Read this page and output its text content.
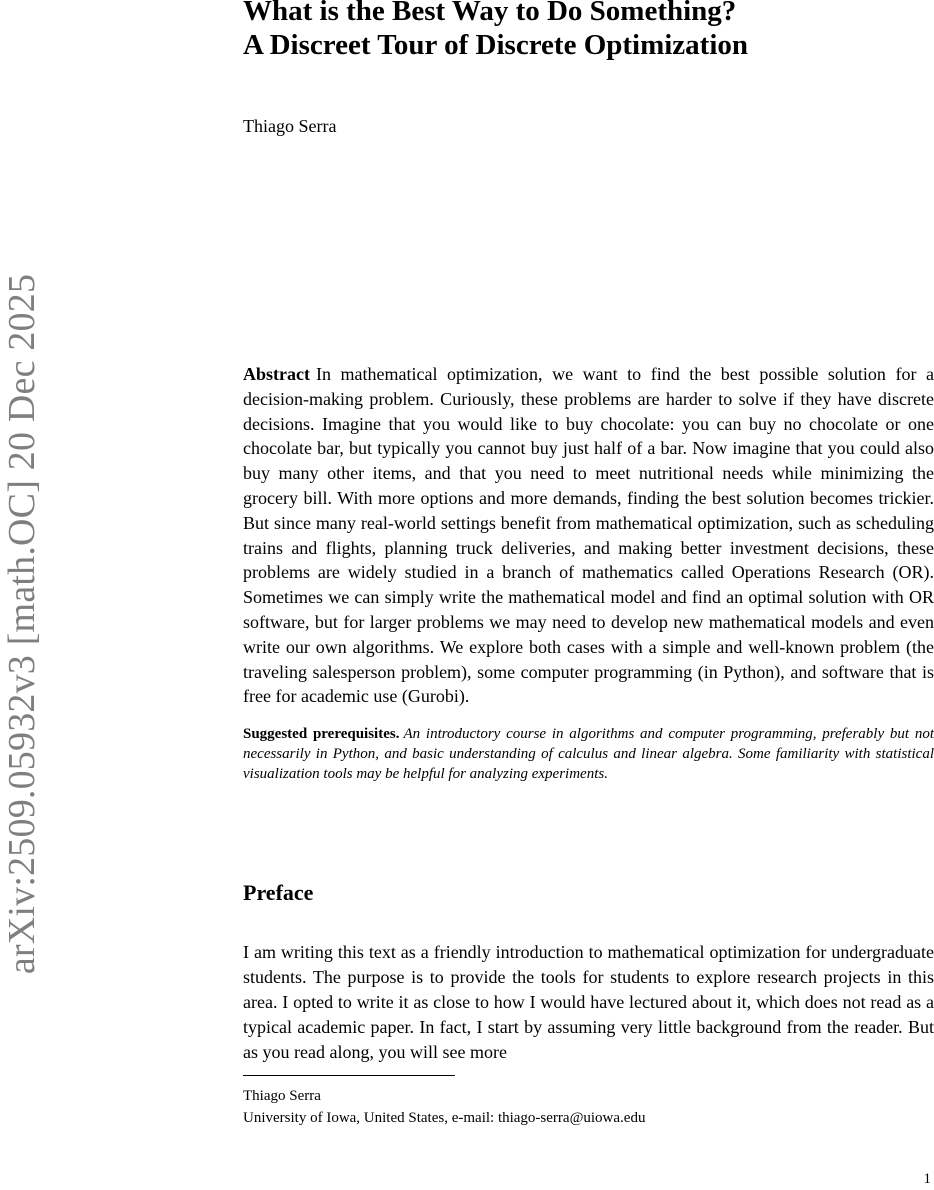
arXiv:2509.05932v3 [math.OC] 20 Dec 2025
What is the Best Way to Do Something?
A Discreet Tour of Discrete Optimization
Thiago Serra

Abstract In mathematical optimization, we want to find the best possible solution for a decision-making problem. Curiously, these problems are harder to solve if they have discrete decisions. Imagine that you would like to buy chocolate: you can buy no chocolate or one chocolate bar, but typically you cannot buy just half of a bar. Now imagine that you could also buy many other items, and that you need to meet nutritional needs while minimizing the grocery bill. With more options and more demands, finding the best solution becomes trickier. But since many real-world settings benefit from mathematical optimization, such as scheduling trains and flights, planning truck deliveries, and making better investment decisions, these problems are widely studied in a branch of mathematics called Operations Research (OR). Sometimes we can simply write the mathematical model and find an optimal solution with OR software, but for larger problems we may need to develop new mathematical models and even write our own algorithms. We explore both cases with a simple and well-known problem (the traveling salesperson problem), some computer programming (in Python), and software that is free for academic use (Gurobi).

Suggested prerequisites. An introductory course in algorithms and computer programming, preferably but not necessarily in Python, and basic understanding of calculus and linear algebra. Some familiarity with statistical visualization tools may be helpful for analyzing experiments.

Preface

I am writing this text as a friendly introduction to mathematical optimization for undergraduate students. The purpose is to provide the tools for students to explore research projects in this area. I opted to write it as close to how I would have lectured about it, which does not read as a typical academic paper. In fact, I start by assuming very little background from the reader. But as you read along, you will see more

Thiago Serra
University of Iowa, United States, e-mail: thiago-serra@uiowa.edu
1
